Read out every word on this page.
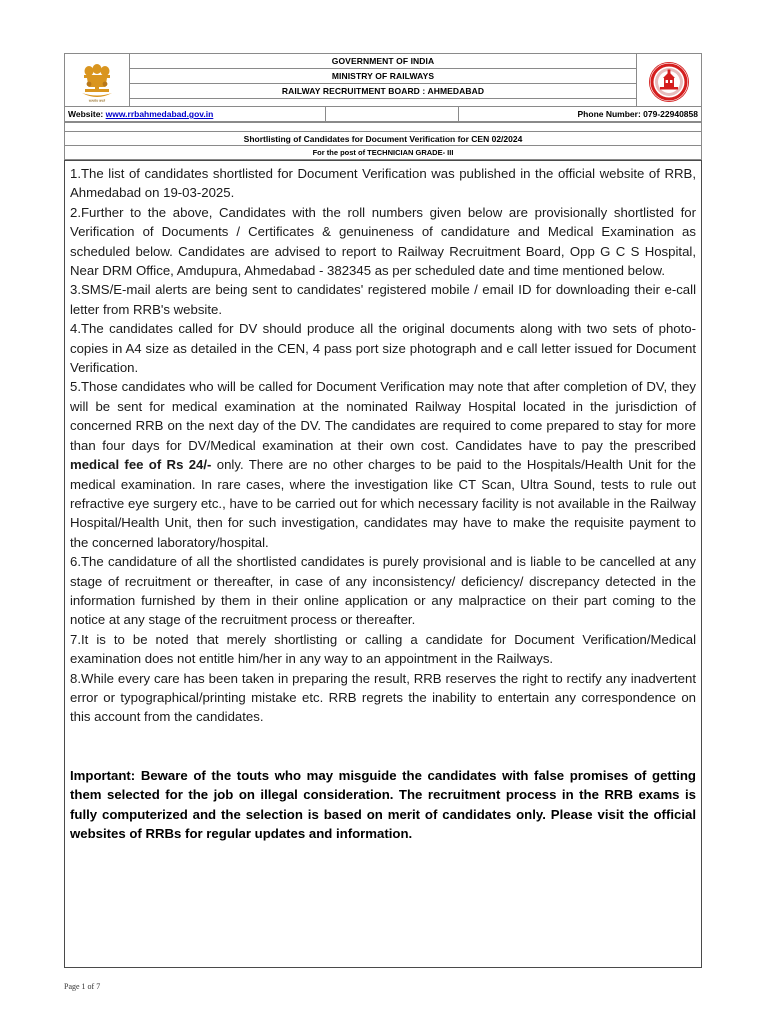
सत्यमेव जयते
	GOVERNMENT OF INDIA	
MINISTRY OF RAILWAYS
RAILWAY RECRUITMENT BOARD : AHMEDABAD

Website: www.rrbahmedabad.gov.in		Phone Number: 079-22940858

Shortlisting of Candidates for Document Verification for CEN 02/2024
For the post of TECHNICIAN GRADE- III

1.The list of candidates shortlisted for Document Verification was published in the official website of RRB, Ahmedabad on 19-03-2025.

2.Further to the above, Candidates with the roll numbers given below are provisionally shortlisted for Verification of Documents / Certificates & genuineness of candidature and Medical Examination as scheduled below. Candidates are advised to report to Railway Recruitment Board, Opp G C S Hospital, Near DRM Office, Amdupura, Ahmedabad - 382345 as per scheduled date and time mentioned below.

3.SMS/E-mail alerts are being sent to candidates' registered mobile / email ID for downloading their e-call letter from RRB's website.

4.The candidates called for DV should produce all the original documents along with two sets of photo-copies in A4 size as detailed in the CEN, 4 pass port size photograph and e call letter issued for Document Verification.

5.Those candidates who will be called for Document Verification may note that after completion of DV, they will be sent for medical examination at the nominated Railway Hospital located in the jurisdiction of concerned RRB on the next day of the DV. The candidates are required to come prepared to stay for more than four days for DV/Medical examination at their own cost. Candidates have to pay the prescribed medical fee of Rs 24/- only. There are no other charges to be paid to the Hospitals/Health Unit for the medical examination. In rare cases, where the investigation like CT Scan, Ultra Sound, tests to rule out refractive eye surgery etc., have to be carried out for which necessary facility is not available in the Railway Hospital/Health Unit, then for such investigation, candidates may have to make the requisite payment to the concerned laboratory/hospital.

6.The candidature of all the shortlisted candidates is purely provisional and is liable to be cancelled at any stage of recruitment or thereafter, in case of any inconsistency/ deficiency/ discrepancy detected in the information furnished by them in their online application or any malpractice on their part coming to the notice at any stage of the recruitment process or thereafter.

7.It is to be noted that merely shortlisting or calling a candidate for Document Verification/Medical examination does not entitle him/her in any way to an appointment in the Railways.

8.While every care has been taken in preparing the result, RRB reserves the right to rectify any inadvertent error or typographical/printing mistake etc. RRB regrets the inability to entertain any correspondence on this account from the candidates.

Important: Beware of the touts who may misguide the candidates with false promises of getting them selected for the job on illegal consideration. The recruitment process in the RRB exams is fully computerized and the selection is based on merit of candidates only. Please visit the official websites of RRBs for regular updates and information.

Page 1 of 7
